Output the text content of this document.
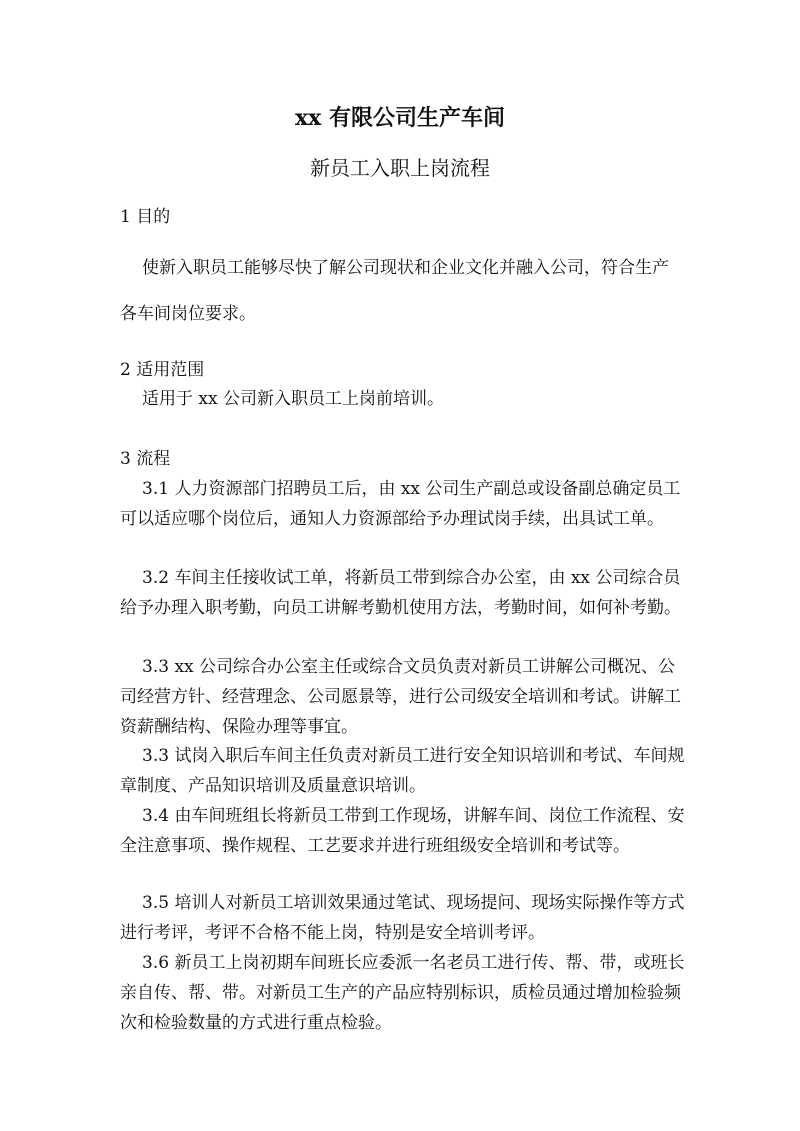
xx 有限公司生产车间
新员工入职上岗流程
1 目的
使新入职员工能够尽快了解公司现状和企业文化并融入公司，符合生产各车间岗位要求。
2 适用范围
适用于 xx 公司新入职员工上岗前培训。
3 流程
3.1 人力资源部门招聘员工后，由 xx 公司生产副总或设备副总确定员工可以适应哪个岗位后，通知人力资源部给予办理试岗手续，出具试工单。
3.2 车间主任接收试工单，将新员工带到综合办公室，由 xx 公司综合员给予办理入职考勤，向员工讲解考勤机使用方法，考勤时间，如何补考勤。
3.3 xx 公司综合办公室主任或综合文员负责对新员工讲解公司概况、公司经营方针、经营理念、公司愿景等，进行公司级安全培训和考试。讲解工资薪酬结构、保险办理等事宜。
3.3 试岗入职后车间主任负责对新员工进行安全知识培训和考试、车间规章制度、产品知识培训及质量意识培训。
3.4 由车间班组长将新员工带到工作现场，讲解车间、岗位工作流程、安全注意事项、操作规程、工艺要求并进行班组级安全培训和考试等。
3.5 培训人对新员工培训效果通过笔试、现场提问、现场实际操作等方式进行考评，考评不合格不能上岗，特别是安全培训考评。
3.6 新员工上岗初期车间班长应委派一名老员工进行传、帮、带，或班长亲自传、帮、带。对新员工生产的产品应特别标识，质检员通过增加检验频次和检验数量的方式进行重点检验。
